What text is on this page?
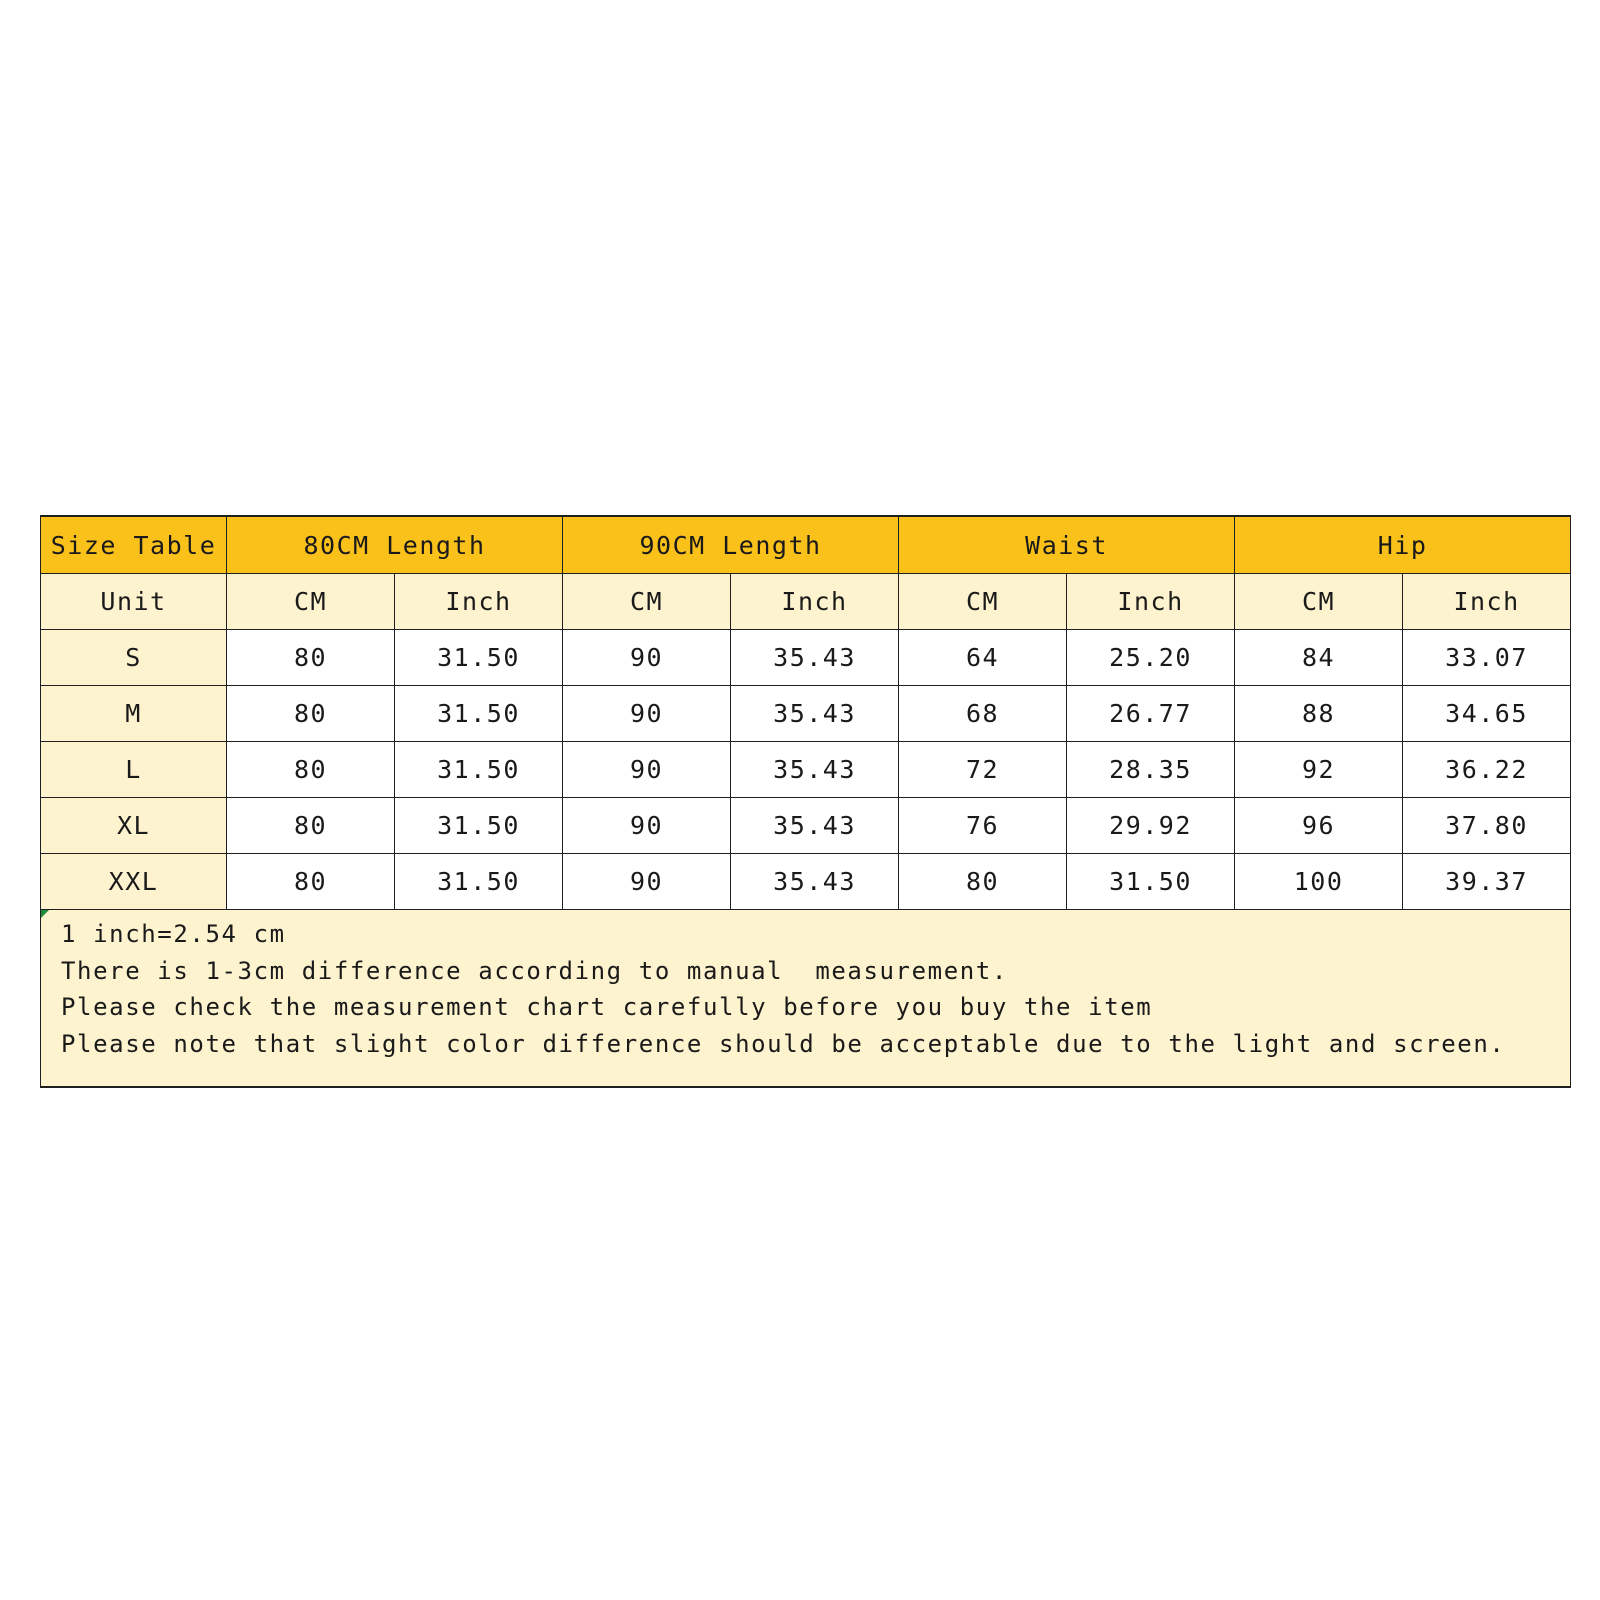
Size Table	80CM Length		90CM Length		Waist		Hip	
Unit	CM	Inch	CM	Inch	CM	Inch	CM	Inch
S	80	31.50	90	35.43	64	25.20	84	33.07
M	80	31.50	90	35.43	68	26.77	88	34.65
L	80	31.50	90	35.43	72	28.35	92	36.22
XL	80	31.50	90	35.43	76	29.92	96	37.80
XXL	80	31.50	90	35.43	80	31.50	100	39.37

1 inch=2.54 cm
There is 1-3cm difference according to manual  measurement.
Please check the measurement chart carefully before you buy the item
Please note that slight color difference should be acceptable due to the light and screen.								
